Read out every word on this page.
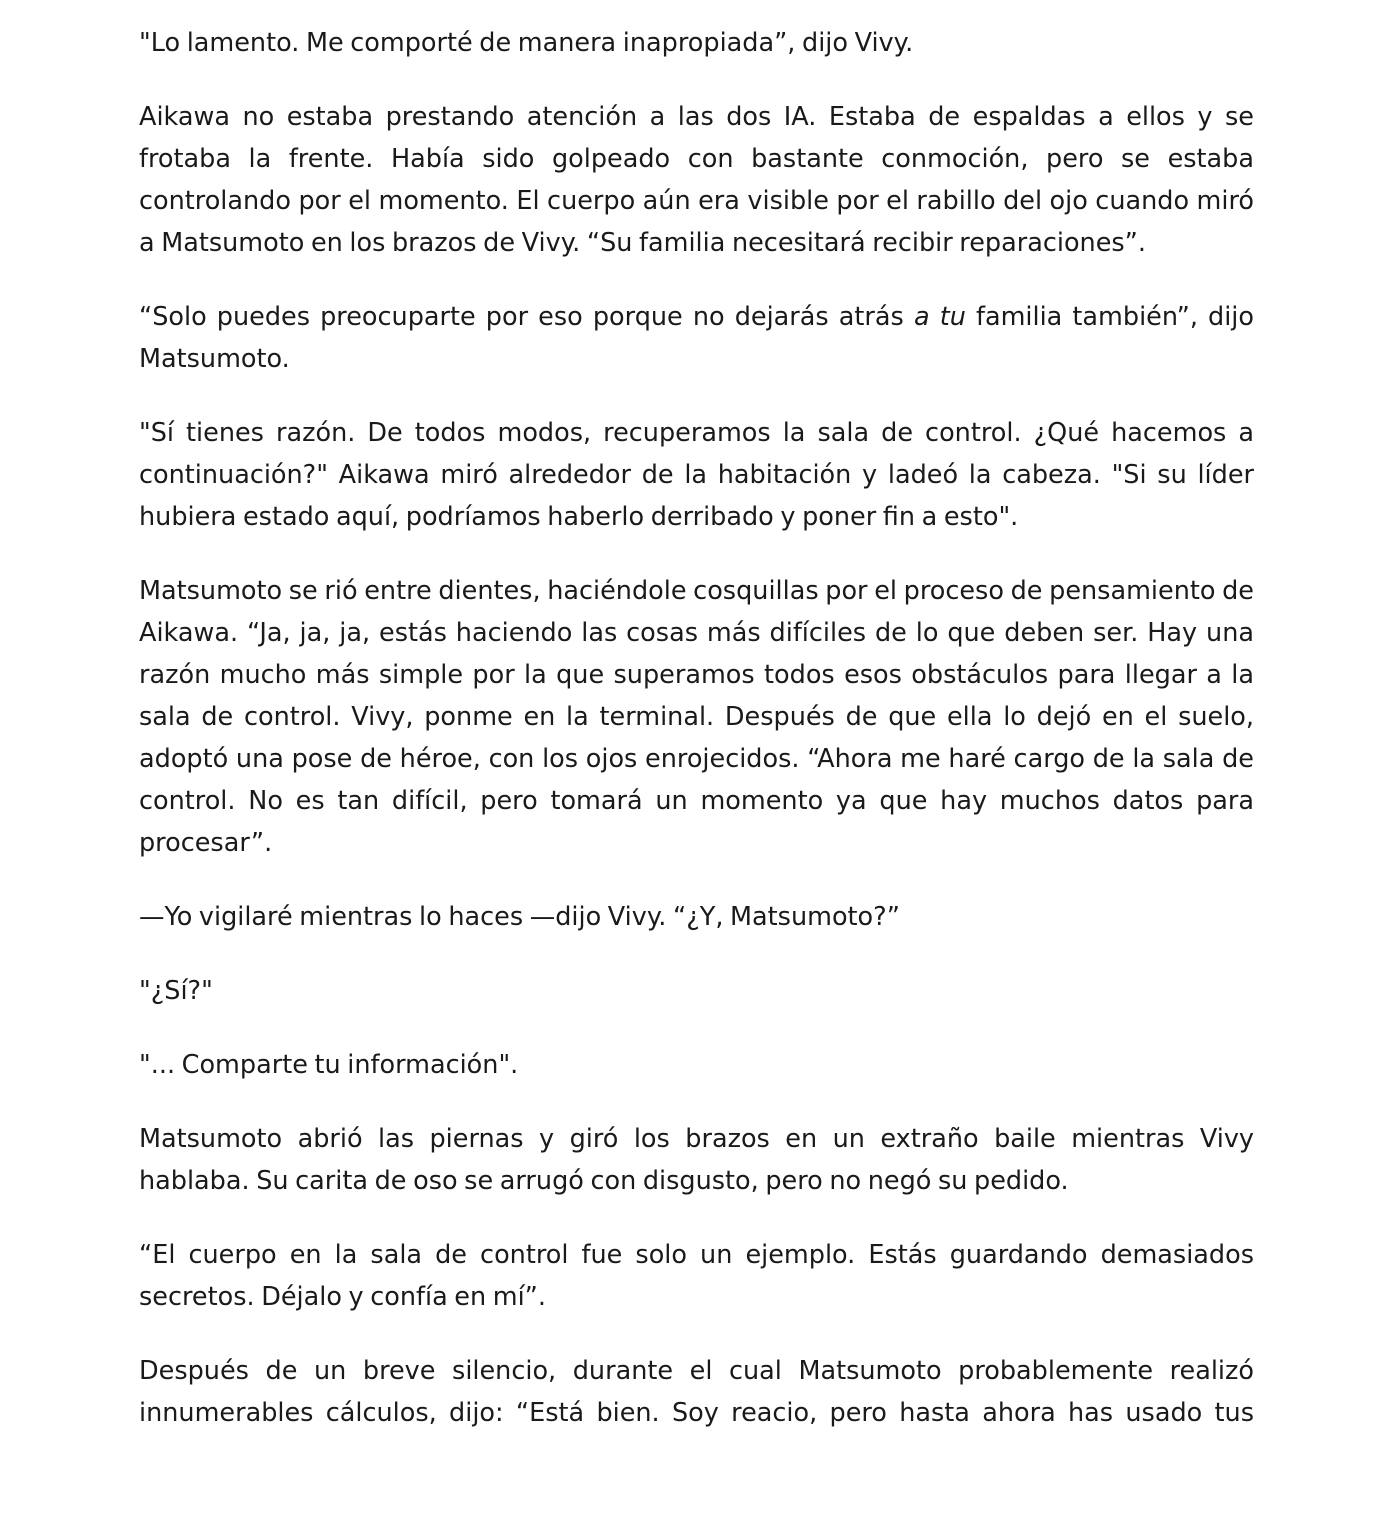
"Lo lamento. Me comporté de manera inapropiada”, dijo Vivy.

Aikawa no estaba prestando atención a las dos IA. Estaba de espaldas a ellos y se frotaba la frente. Había sido golpeado con bastante conmoción, pero se estaba controlando por el momento. El cuerpo aún era visible por el rabillo del ojo cuando miró a Matsumoto en los brazos de Vivy. “Su familia necesitará recibir reparaciones”.

“Solo puedes preocuparte por eso porque no dejarás atrás a tu familia también”, dijo Matsumoto.

"Sí tienes razón. De todos modos, recuperamos la sala de control. ¿Qué hacemos a continuación?" Aikawa miró alrededor de la habitación y ladeó la cabeza. "Si su líder hubiera estado aquí, podríamos haberlo derribado y poner fin a esto".

Matsumoto se rió entre dientes, haciéndole cosquillas por el proceso de pensamiento de Aikawa. “Ja, ja, ja, estás haciendo las cosas más difíciles de lo que deben ser. Hay una razón mucho más simple por la que superamos todos esos obstáculos para llegar a la sala de control. Vivy, ponme en la terminal. Después de que ella lo dejó en el suelo, adoptó una pose de héroe, con los ojos enrojecidos. “Ahora me haré cargo de la sala de control. No es tan difícil, pero tomará un momento ya que hay muchos datos para procesar”.

—Yo vigilaré mientras lo haces —dijo Vivy. “¿Y, Matsumoto?”

"¿Sí?"

"... Comparte tu información".

Matsumoto abrió las piernas y giró los brazos en un extraño baile mientras Vivy hablaba. Su carita de oso se arrugó con disgusto, pero no negó su pedido.

“El cuerpo en la sala de control fue solo un ejemplo. Estás guardando demasiados secretos. Déjalo y confía en mí”.

Después de un breve silencio, durante el cual Matsumoto probablemente realizó innumerables cálculos, dijo: “Está bien. Soy reacio, pero hasta ahora has usado tus
